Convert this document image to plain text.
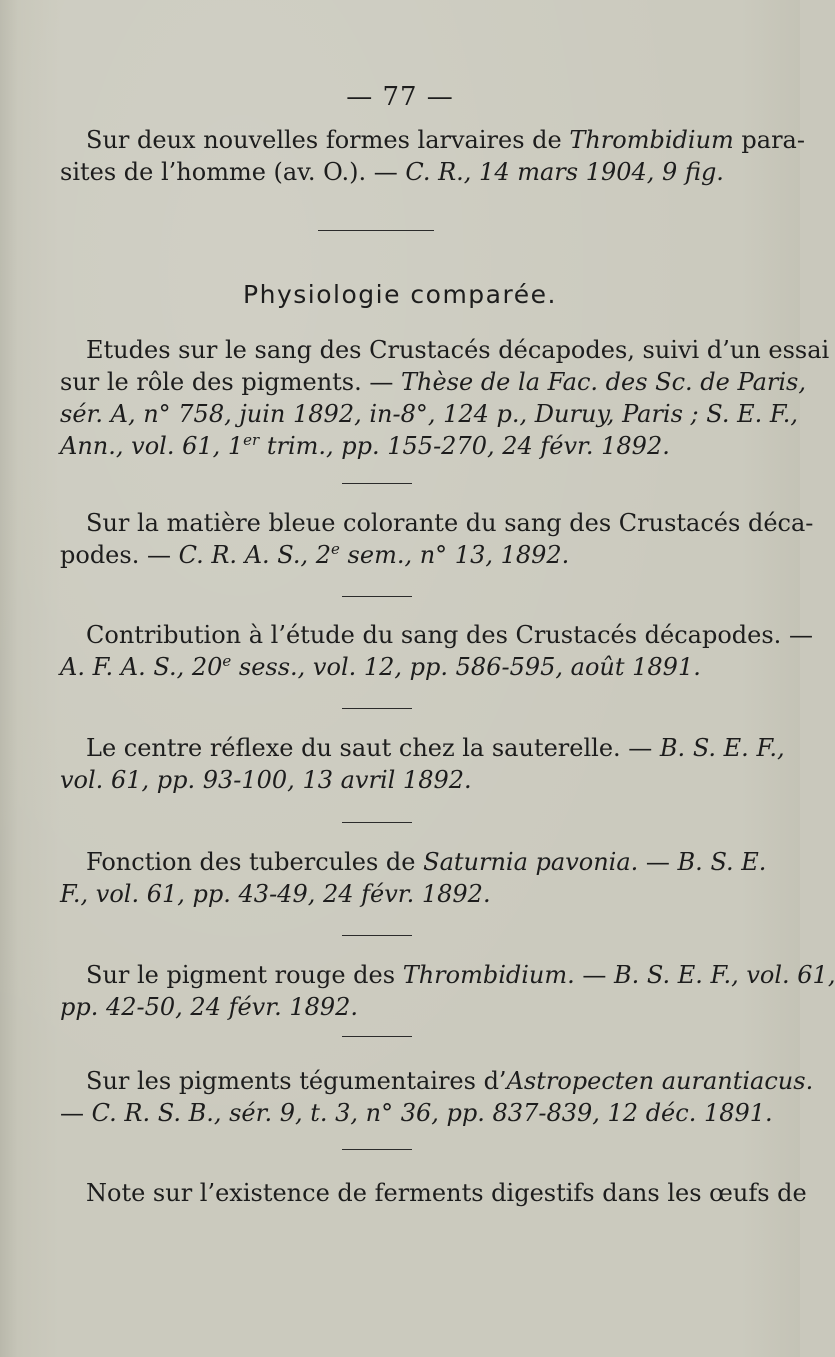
— 77 —
Sur deux nouvelles formes larvaires de Thrombidium para-
sites de l’homme (av. O.). — C. R., 14 mars 1904, 9 fig.
Physiologie comparée.
Etudes sur le sang des Crustacés décapodes, suivi d’un essai
sur le rôle des pigments. — Thèse de la Fac. des Sc. de Paris,
sér. A, n° 758, juin 1892, in-8°, 124 p., Duruy, Paris ; S. E. F.,
Ann., vol. 61, 1er trim., pp. 155-270, 24 févr. 1892.
Sur la matière bleue colorante du sang des Crustacés déca-
podes. — C. R. A. S., 2e sem., n° 13, 1892.
Contribution à l’étude du sang des Crustacés décapodes. —
A. F. A. S., 20e sess., vol. 12, pp. 586-595, août 1891.
Le centre réflexe du saut chez la sauterelle. — B. S. E. F.,
vol. 61, pp. 93-100, 13 avril 1892.
Fonction des tubercules de Saturnia pavonia. — B. S. E.
F., vol. 61, pp. 43-49, 24 févr. 1892.
Sur le pigment rouge des Thrombidium. — B. S. E. F., vol. 61,
pp. 42-50, 24 févr. 1892.
Sur les pigments tégumentaires d’Astropecten aurantiacus.
— C. R. S. B., sér. 9, t. 3, n° 36, pp. 837-839, 12 déc. 1891.
Note sur l’existence de ferments digestifs dans les œufs de
